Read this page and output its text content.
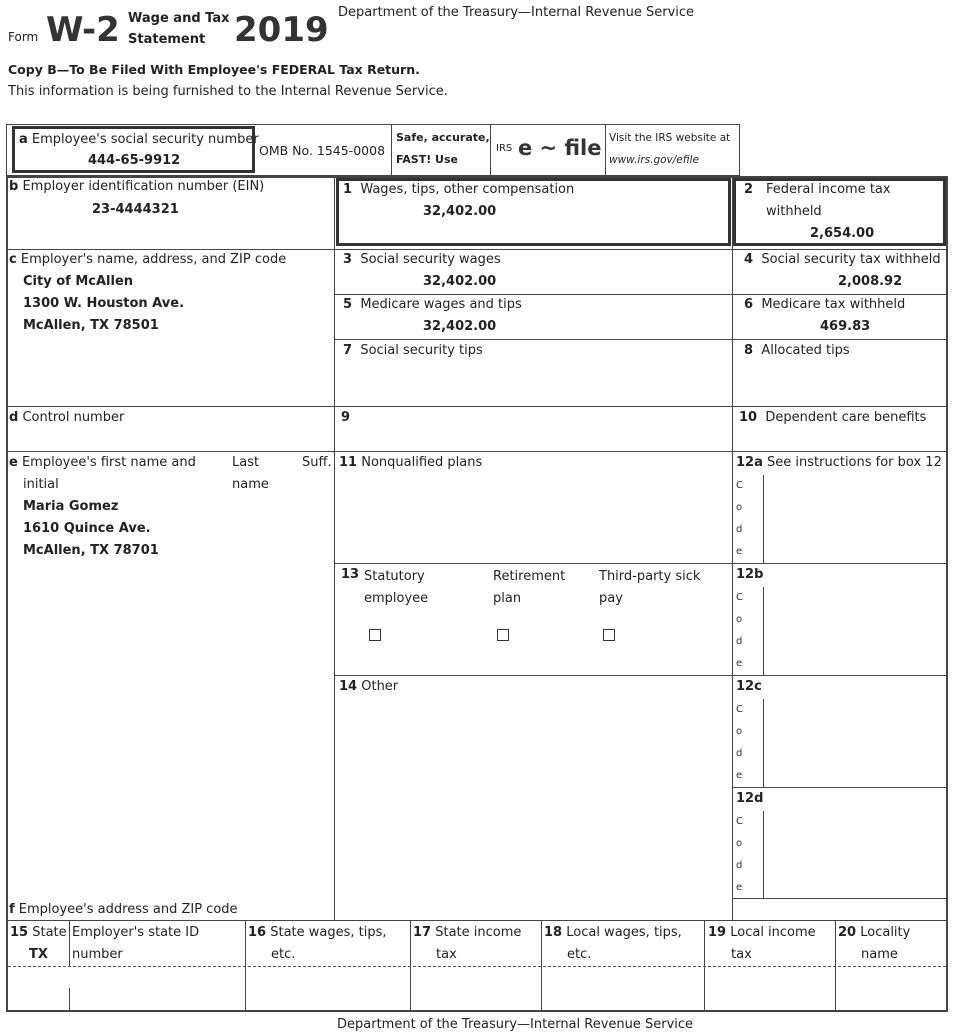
Form W-2 Wage and Tax
Statement 2019 Department of the Treasury—Internal Revenue Service
Copy B—To Be Filed With Employee's FEDERAL Tax Return.
This information is being furnished to the Internal Revenue Service.
a Employee's social security number
444-65-9912
OMB No. 1545-0008
Safe, accurate,
FAST! Use
IRS e ~ file Visit the IRS website at
www.irs.gov/efile
b Employer identification number (EIN)
23-4444321
1 Wages, tips, other compensation
32,402.00
2 Federal income tax
withheld
2,654.00
c Employer's name, address, and ZIP code
City of McAllen
1300 W. Houston Ave.
McAllen, TX 78501
3 Social security wages
32,402.00
4 Social security tax withheld
2,008.92
5 Medicare wages and tips
32,402.00
6 Medicare tax withheld
469.83
7 Social security tips	8 Allocated tips
d Control number	9	10 Dependent care benefits
e Employee's first name and
initial
Last
name
Suff.
Maria Gomez
1610 Quince Ave.
McAllen, TX 78701
f Employee's address and ZIP code
11 Nonqualified plans	12a See instructions for box 12
C
o
d
e
13 Statutory
employee
Retirement
plan
Third-party sick
pay
12b
C
o
d
e
14 Other	12c
C
o
d
e
12d
C
o
d
e
15 State
TX
Employer's state ID
number
16 State wages, tips,
etc.
17 State income
tax
18 Local wages, tips,
etc.
19 Local income
tax
20 Locality
name
Department of the Treasury—Internal Revenue Service
